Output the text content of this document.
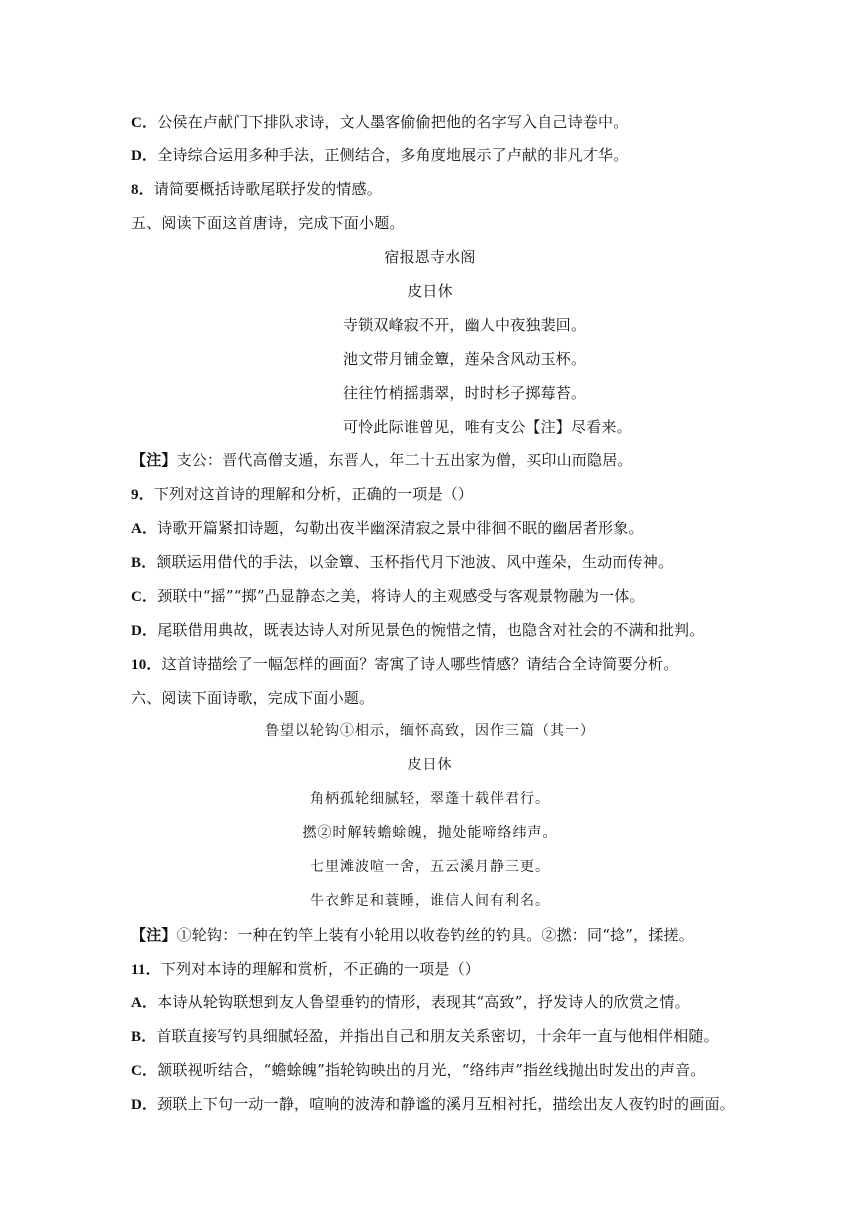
C．公侯在卢献门下排队求诗，文人墨客偷偷把他的名字写入自己诗卷中。
D．全诗综合运用多种手法，正侧结合，多角度地展示了卢献的非凡才华。
8．请简要概括诗歌尾联抒发的情感。
五、阅读下面这首唐诗，完成下面小题。
宿报恩寺水阁
皮日休
寺锁双峰寂不开，幽人中夜独裴回。
池文带月铺金簟，莲朵含风动玉杯。
往往竹梢摇翡翠，时时杉子掷莓苔。
可怜此际谁曾见，唯有支公【注】尽看来。
【注】支公：晋代高僧支遁，东晋人，年二十五出家为僧，买印山而隐居。
9．下列对这首诗的理解和分析，正确的一项是（）
A．诗歌开篇紧扣诗题，勾勒出夜半幽深清寂之景中徘徊不眠的幽居者形象。
B．颔联运用借代的手法，以金簟、玉杯指代月下池波、风中莲朵，生动而传神。
C．颈联中“摇”“掷”凸显静态之美，将诗人的主观感受与客观景物融为一体。
D．尾联借用典故，既表达诗人对所见景色的惋惜之情，也隐含对社会的不满和批判。
10．这首诗描绘了一幅怎样的画面？寄寓了诗人哪些情感？请结合全诗简要分析。
六、阅读下面诗歌，完成下面小题。
鲁望以轮钩①相示，缅怀高致，因作三篇（其一）
皮日休
角柄孤轮细腻轻，翠蓬十载伴君行。
撚②时解转蟾蜍魄，抛处能啼络纬声。
七里滩波喧一舍，五云溪月静三更。
牛衣鲊足和蓑睡，谁信人间有利名。
【注】①轮钩：一种在钓竿上装有小轮用以收卷钓丝的钓具。②撚：同“捻”，揉搓。
11．下列对本诗的理解和赏析，不正确的一项是（）
A．本诗从轮钩联想到友人鲁望垂钓的情形，表现其“高致”，抒发诗人的欣赏之情。
B．首联直接写钓具细腻轻盈，并指出自己和朋友关系密切，十余年一直与他相伴相随。
C．颔联视听结合，“蟾蜍魄”指轮钩映出的月光，“络纬声”指丝线抛出时发出的声音。
D．颈联上下句一动一静，喧响的波涛和静谧的溪月互相衬托，描绘出友人夜钓时的画面。
